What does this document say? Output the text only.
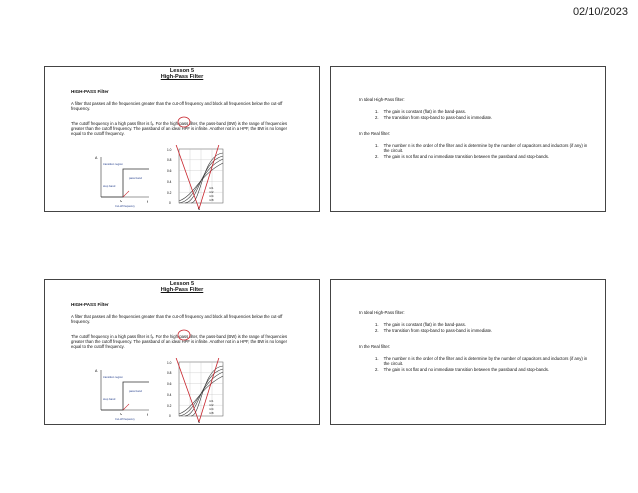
02/10/2023
Lesson 5
High-Pass Filter
HIGH-PASS Filter
A filter that passes all the frequencies greater than the cut-off frequency and block all frequencies below the cut-off frequency.
The cutoff frequency in a high pass filter is fₑ. For the high-pass filter, the pass-band (BW) is the range of frequencies greater than the cutoff frequency. The passband of an ideal HPF is infinite. Another not in a HPF, the BW is no longer equal to the cutoff frequency.
A
f
transition region
pass band
stop band
fₑ
Cut-off frequency
1.0
0.8
0.6
0.4
0.2
0
n=1
n=2
n=4
n=8
fₑ
In Ideal High-Pass filter:
1. The gain is constant (flat) in the band-pass.
2. The transition from stop-band to pass-band is immediate.
In the Real filter:
1. The number n is the order of the filter and is determine by the number of capacitors and inductors (if any) in the circuit.
2. The gain is not flat and no immediate transition between the passband and stop-bands.
Lesson 5
High-Pass Filter
HIGH-PASS Filter
A filter that passes all the frequencies greater than the cut-off frequency and block all frequencies below the cut-off frequency.
The cutoff frequency in a high pass filter is fₑ. For the high-pass filter, the pass-band (BW) is the range of frequencies greater than the cutoff frequency. The passband of an ideal HPF is infinite. Another not in a HPF, the BW is no longer equal to the cutoff frequency.
A
f
transition region
pass band
stop band
fₑ
Cut-off frequency
1.0
0.8
0.6
0.4
0.2
0
n=1
n=2
n=4
n=8
fₑ
In Ideal High-Pass filter:
1. The gain is constant (flat) in the band-pass.
2. The transition from stop-band to pass-band is immediate.
In the Real filter:
1. The number n is the order of the filter and is determine by the number of capacitors and inductors (if any) in the circuit.
2. The gain is not flat and no immediate transition between the passband and stop-bands.
